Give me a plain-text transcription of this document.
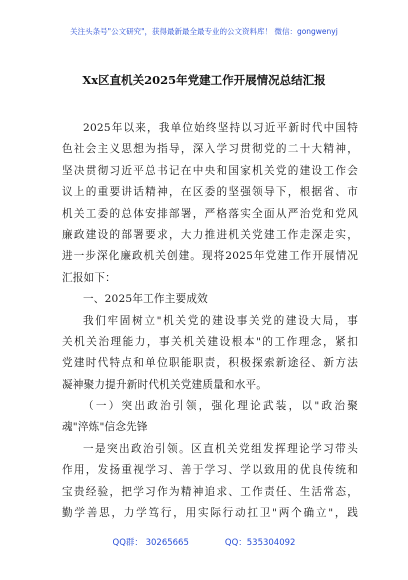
关注头条号"公文研究"，获得最新最全最专业的公文资料库！ 微信：gongwenyj
Xx区直机关2025年党建工作开展情况总结汇报
2025年以来，我单位始终坚持以习近平新时代中国特
色社会主义思想为指导，深入学习贯彻党的二十大精神，
坚决贯彻习近平总书记在中央和国家机关党的建设工作会
议上的重要讲话精神，在区委的坚强领导下，根据省、市
机关工委的总体安排部署，严格落实全面从严治党和党风
廉政建设的部署要求，大力推进机关党建工作走深走实，
进一步深化廉政机关创建。现将2025年党建工作开展情况
汇报如下：
一、2025年工作主要成效
我们牢固树立"机关党的建设事关党的建设大局，事
关机关治理能力，事关机关建设根本"的工作理念，紧扣
党建时代特点和单位职能职责，积极探索新途径、新方法
凝神聚力提升新时代机关党建质量和水平。
（一）突出政治引领，强化理论武装，以"政治聚
魂"淬炼"信念先锋
一是突出政治引领。区直机关党组发挥理论学习带头
作用，发扬重视学习、善于学习、学以致用的优良传统和
宝贵经验，把学习作为精神追求、工作责任、生活常态，
勤学善思，力学笃行，用实际行动扛卫"两个确立"，践
QQ群： 30265665	QQ：535304092
